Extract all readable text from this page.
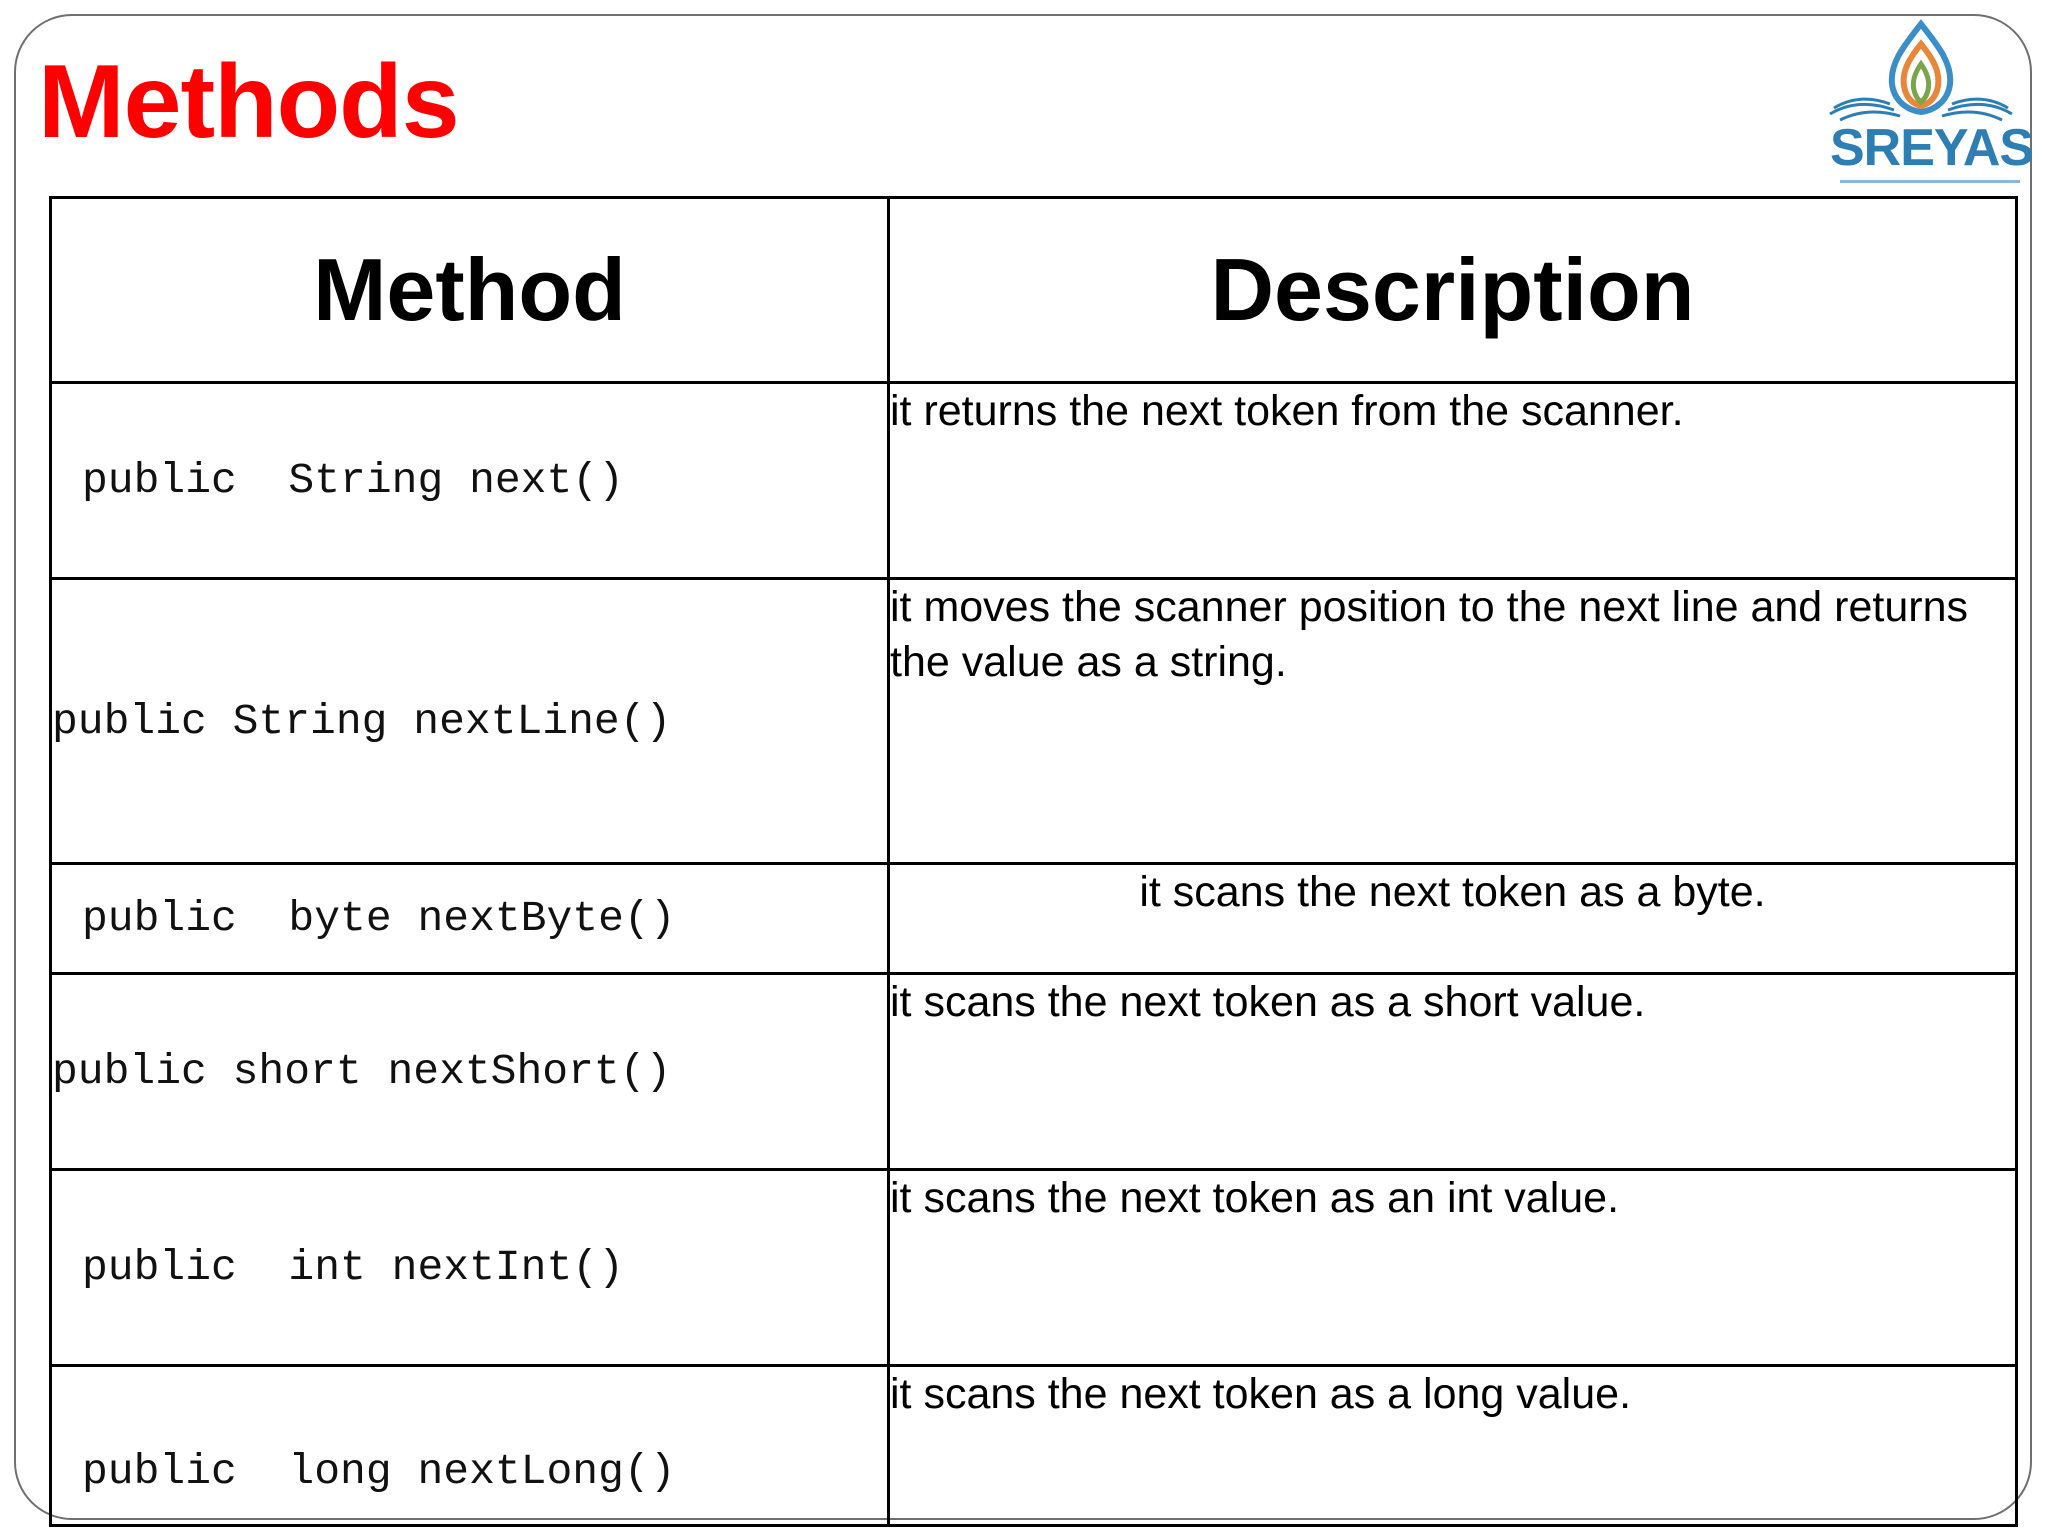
Methods	SREYAS
Method	Description
public  String next()	it returns the next token from the scanner.
public String nextLine()	it moves the scanner position to the next line and returns the value as a string.
public  byte nextByte()	it scans the next token as a byte.
public short nextShort()	it scans the next token as a short value.
public  int nextInt()	it scans the next token as an int value.
public  long nextLong()	it scans the next token as a long value.
